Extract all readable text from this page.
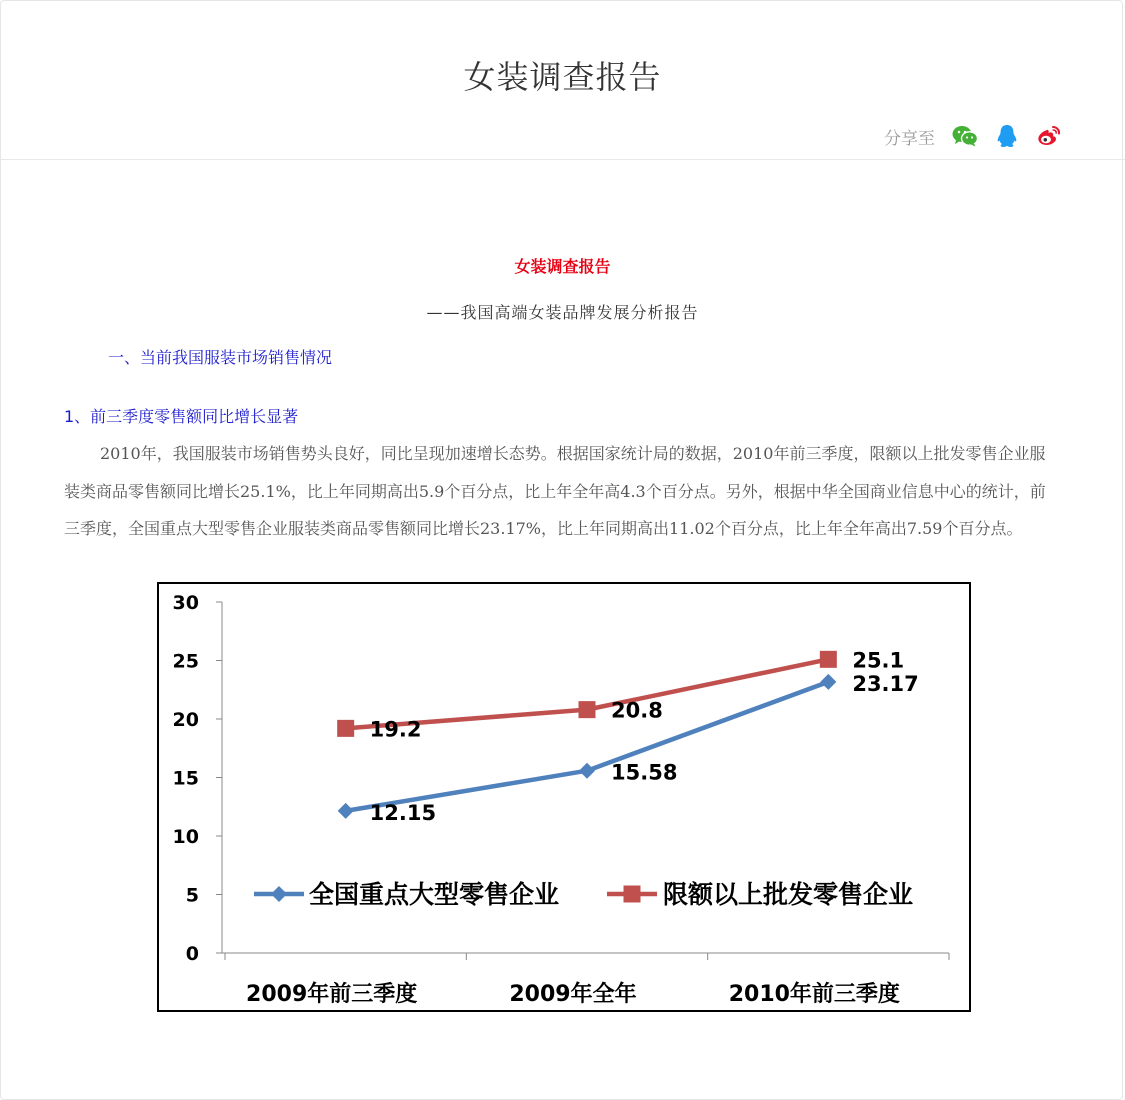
女装调查报告
分享至
女装调查报告
——我国高端女装品牌发展分析报告
一、当前我国服装市场销售情况
1、前三季度零售额同比增长显著
2010年，我国服装市场销售势头良好，同比呈现加速增长态势。根据国家统计局的数据，2010年前三季度，限额以上批发零售企业服装类商品零售额同比增长25.1%，比上年同期高出5.9个百分点，比上年全年高4.3个百分点。另外，根据中华全国商业信息中心的统计，前三季度，全国重点大型零售企业服装类商品零售额同比增长23.17%，比上年同期高出11.02个百分点，比上年全年高出7.59个百分点。
0
5
10
15
20
25
30
2009年前三季度	2009年全年	2010年前三季度
12.15
15.58
23.17
19.2
20.8
25.1
全国重点大型零售企业	限额以上批发零售企业
